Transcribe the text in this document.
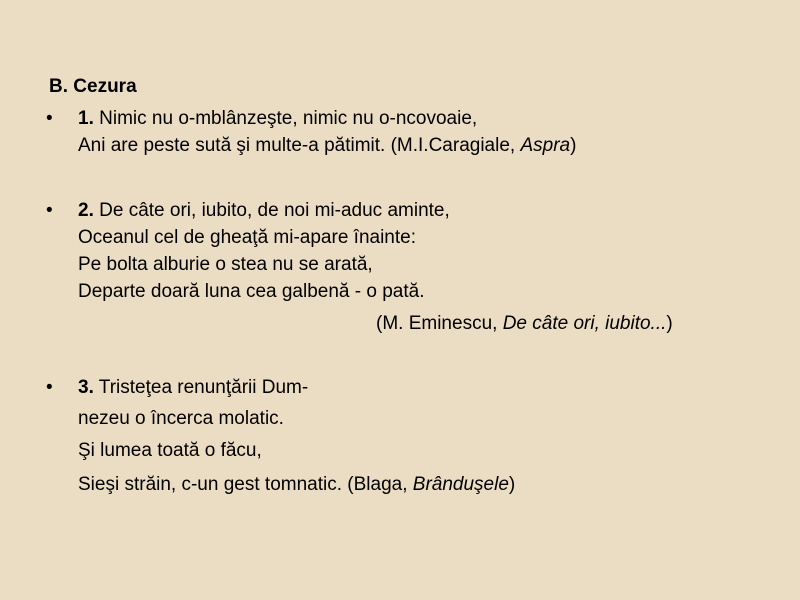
B. Cezura
• 1. Nimic nu o-mblânzeşte, nimic nu o-ncovoaie,
Ani are peste sută şi multe-a pătimit. (M.I.Caragiale, Aspra)
• 2. De câte ori, iubito, de noi mi-aduc aminte,
Oceanul cel de gheaţă mi-apare înainte:
Pe bolta alburie o stea nu se arată,
Departe doară luna cea galbenă - o pată.
(M. Eminescu, De câte ori, iubito...)
• 3. Tristeţea renunţării Dum-
nezeu o încerca molatic.
Şi lumea toată o făcu,
Sieşi străin, c-un gest tomnatic. (Blaga, Brânduşele)
